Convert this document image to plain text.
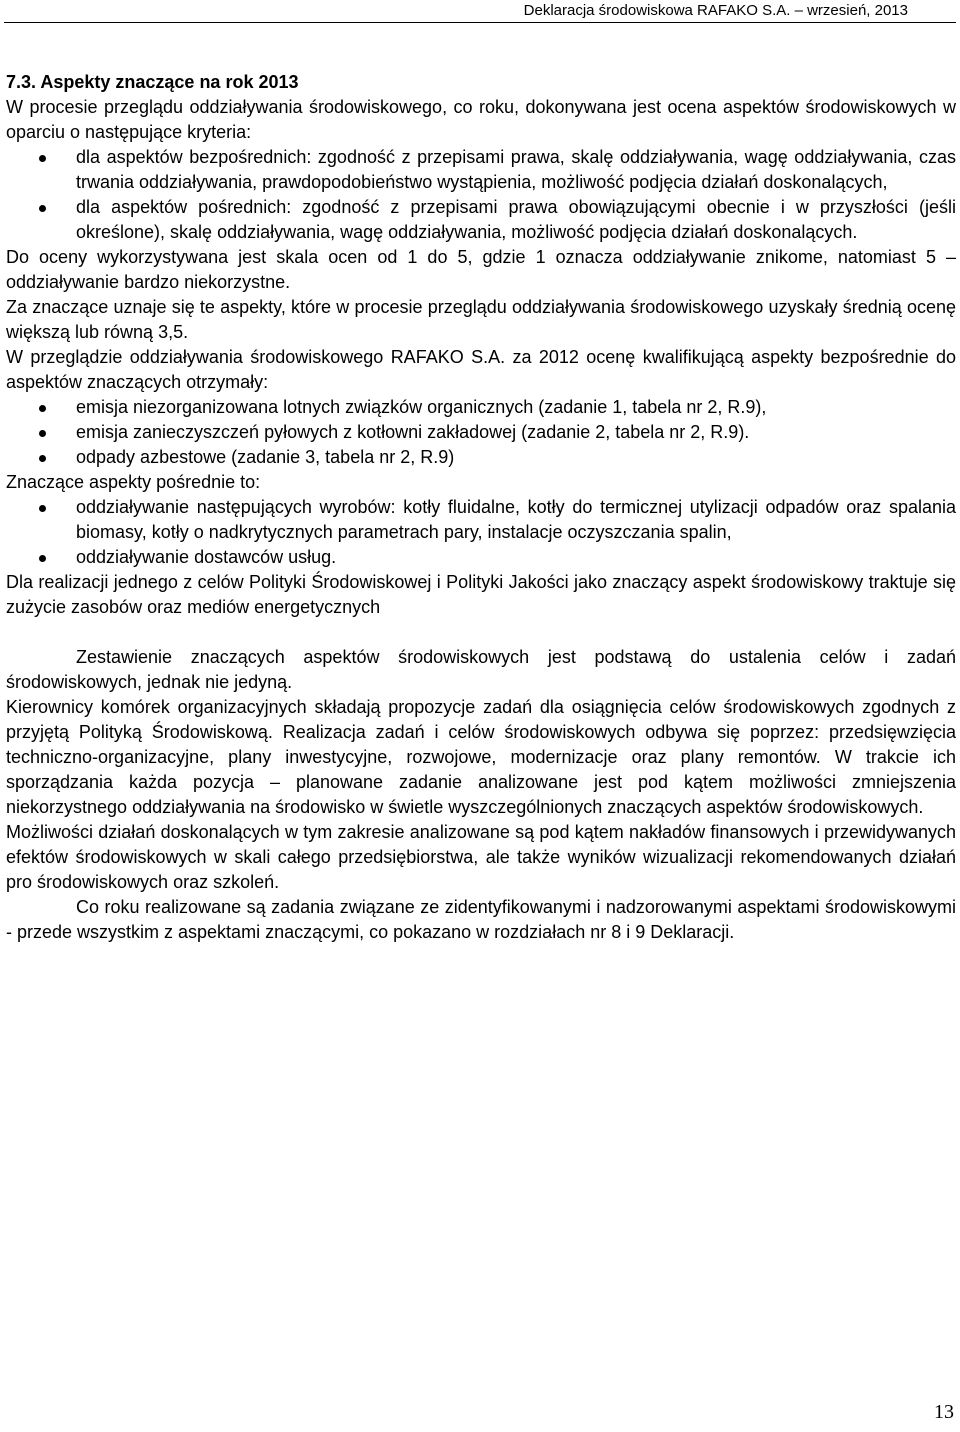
Deklaracja środowiskowa RAFAKO S.A. – wrzesień, 2013

7.3. Aspekty znaczące na rok 2013

W procesie przeglądu oddziaływania środowiskowego, co roku, dokonywana jest ocena aspektów środowiskowych w oparciu o następujące kryteria:

dla aspektów bezpośrednich: zgodność z przepisami prawa, skalę oddziaływania, wagę oddziaływania, czas trwania oddziaływania, prawdopodobieństwo wystąpienia, możliwość podjęcia działań doskonalących,
dla aspektów pośrednich: zgodność z przepisami prawa obowiązującymi obecnie i w przyszłości (jeśli określone), skalę oddziaływania, wagę oddziaływania, możliwość podjęcia działań doskonalących.

Do oceny wykorzystywana jest skala ocen od 1 do 5, gdzie 1 oznacza oddziaływanie znikome, natomiast 5 – oddziaływanie bardzo niekorzystne.

Za znaczące uznaje się te aspekty, które w procesie przeglądu oddziaływania środowiskowego uzyskały średnią ocenę większą lub równą 3,5.

W przeglądzie oddziaływania środowiskowego RAFAKO S.A. za 2012 ocenę kwalifikującą aspekty bezpośrednie do aspektów znaczących otrzymały:

emisja niezorganizowana lotnych związków organicznych (zadanie 1, tabela nr 2, R.9),
emisja zanieczyszczeń pyłowych z kotłowni zakładowej (zadanie 2, tabela nr 2, R.9).
odpady azbestowe (zadanie 3, tabela nr 2, R.9)

Znaczące aspekty pośrednie to:

oddziaływanie następujących wyrobów: kotły fluidalne, kotły do termicznej utylizacji odpadów oraz spalania biomasy, kotły o nadkrytycznych parametrach pary, instalacje oczyszczania spalin,
oddziaływanie dostawców usług.

Dla realizacji jednego z celów Polityki Środowiskowej i Polityki Jakości jako znaczący aspekt środowiskowy traktuje się zużycie zasobów oraz mediów energetycznych

Zestawienie znaczących aspektów środowiskowych jest podstawą do ustalenia celów i zadań środowiskowych, jednak nie jedyną.

Kierownicy komórek organizacyjnych składają propozycje zadań dla osiągnięcia celów środowiskowych zgodnych z przyjętą Polityką Środowiskową. Realizacja zadań i celów środowiskowych odbywa się poprzez: przedsięwzięcia techniczno-organizacyjne, plany inwestycyjne, rozwojowe, modernizacje oraz plany remontów. W trakcie ich sporządzania każda pozycja – planowane zadanie analizowane jest pod kątem możliwości zmniejszenia niekorzystnego oddziaływania na środowisko w świetle wyszczególnionych znaczących aspektów środowiskowych.

Możliwości działań doskonalących w tym zakresie analizowane są pod kątem nakładów finansowych i przewidywanych efektów środowiskowych w skali całego przedsiębiorstwa, ale także wyników wizualizacji rekomendowanych działań pro środowiskowych oraz szkoleń.

Co roku realizowane są zadania związane ze zidentyfikowanymi i nadzorowanymi aspektami środowiskowymi - przede wszystkim z aspektami znaczącymi, co pokazano w rozdziałach nr 8 i 9 Deklaracji.

13
